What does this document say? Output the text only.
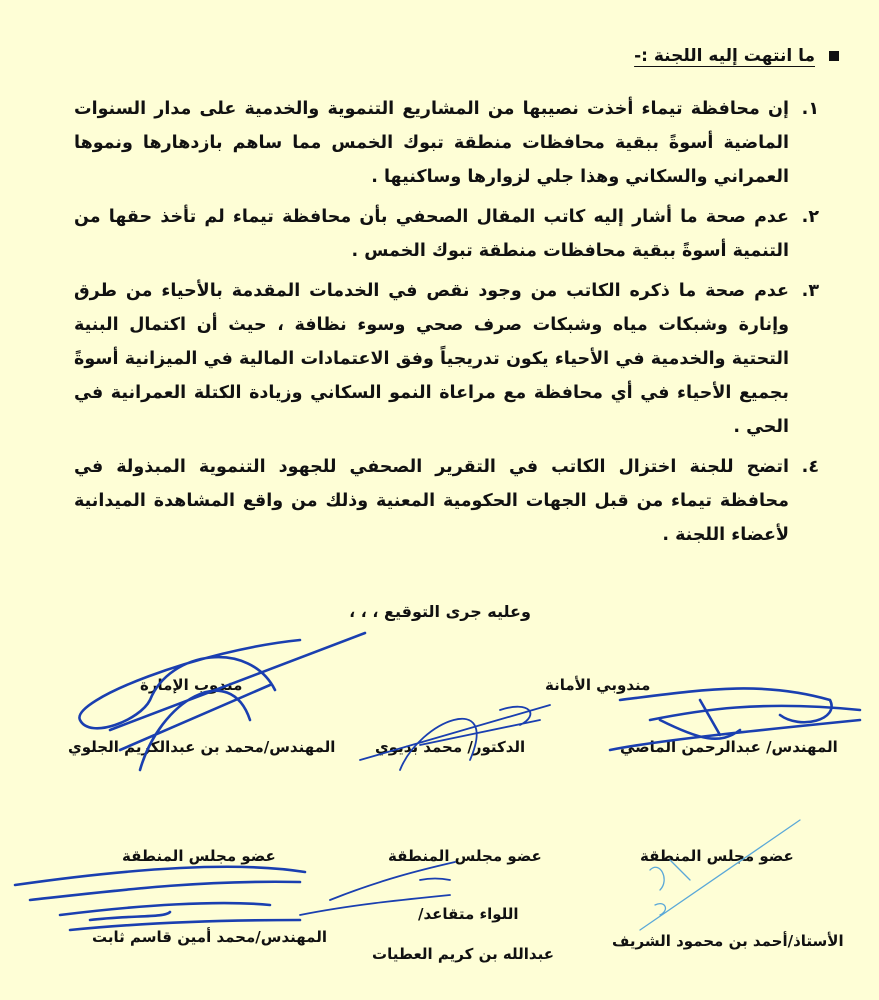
ما انتهت إليه اللجنة :-
١.
إن محافظة تيماء أخذت نصيبها من المشاريع التنموية والخدمية على مدار السنوات الماضية أسوةً ببقية محافظات منطقة تبوك الخمس مما ساهم بازدهارها ونموها العمراني والسكاني وهذا جلي لزوارها وساكنيها .
٢.
عدم صحة ما أشار إليه كاتب المقال الصحفي بأن محافظة تيماء لم تأخذ حقها من التنمية أسوةً ببقية محافظات منطقة تبوك الخمس .
٣.
عدم صحة ما ذكره الكاتب من وجود نقص في الخدمات المقدمة بالأحياء من طرق وإنارة وشبكات مياه وشبكات صرف صحي وسوء نظافة ، حيث أن اكتمال البنية التحتية والخدمية في الأحياء يكون تدريجياً وفق الاعتمادات المالية في الميزانية أسوةً بجميع الأحياء في أي محافظة مع مراعاة النمو السكاني وزيادة الكتلة العمرانية في الحي .
٤.
اتضح للجنة اختزال الكاتب في التقرير الصحفي للجهود التنموية المبذولة في محافظة تيماء من قبل الجهات الحكومية المعنية وذلك من واقع المشاهدة الميدانية لأعضاء اللجنة .
وعليه جرى التوقيع ، ، ،
مندوبي الأمانة
مندوب الإمارة
المهندس/ عبدالرحمن الماضي
الدكتور/ محمد بديوي
المهندس/محمد بن عبدالكريم الجلوي
عضو مجلس المنطقة
عضو مجلس المنطقة
عضو مجلس المنطقة
الأستاذ/أحمد بن محمود الشريف
اللواء متقاعد/
عبدالله بن كريم العطيات
المهندس/محمد أمين قاسم ثابت
